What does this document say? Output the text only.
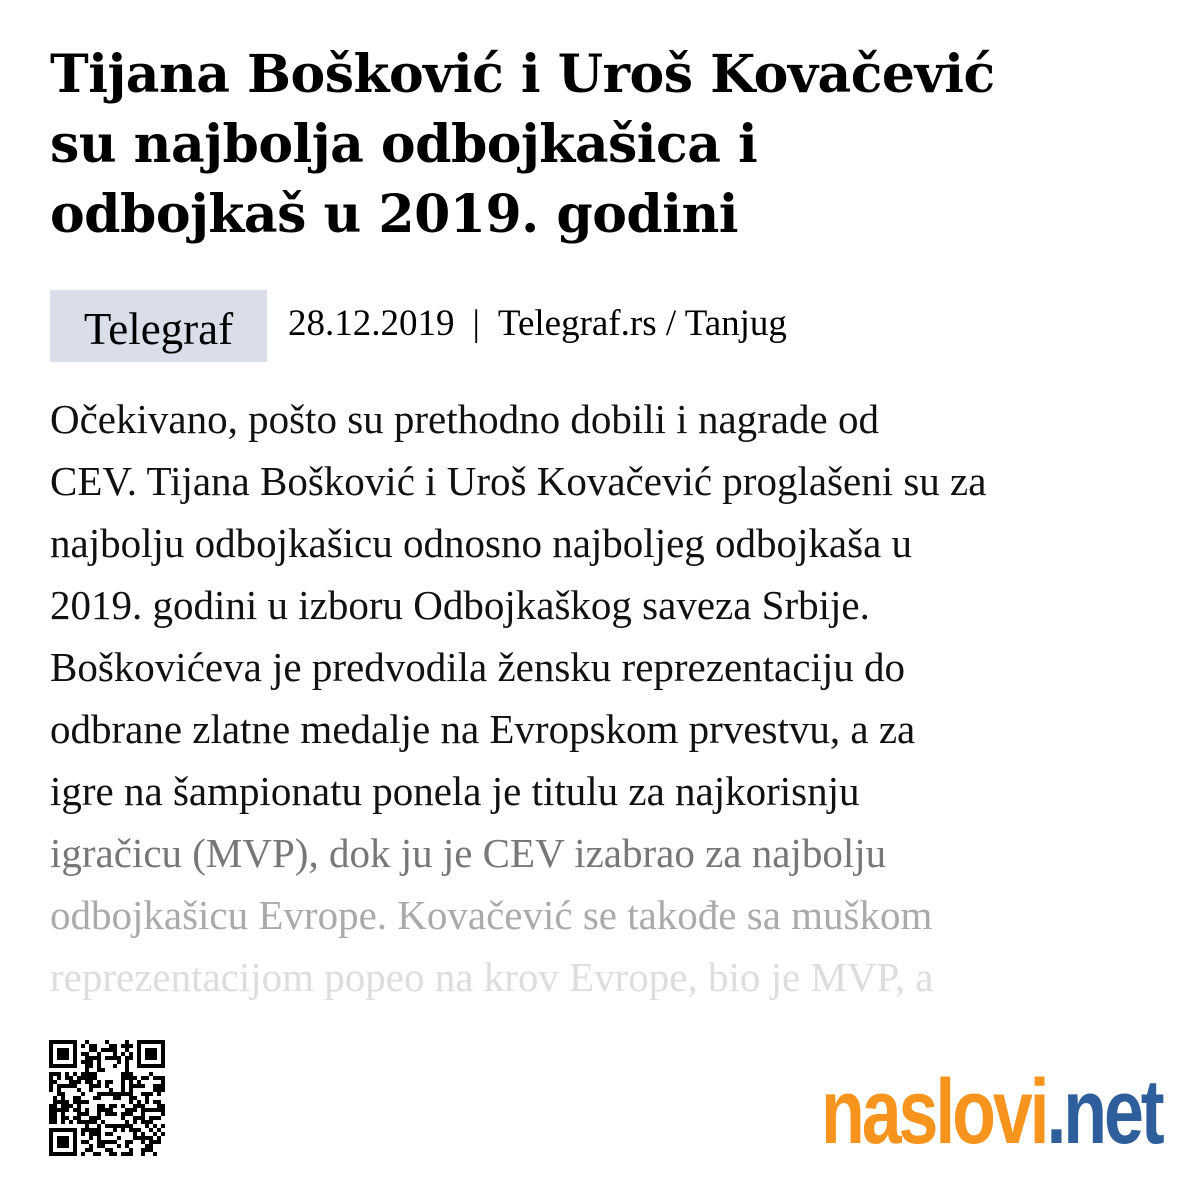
Tijana Bošković i Uroš Kovačević
su najbolja odbojkašica i
odbojkaš u 2019. godini
Telegraf	28.12.2019 | Telegraf.rs / Tanjug
Očekivano, pošto su prethodno dobili i nagrade od
CEV. Tijana Bošković i Uroš Kovačević proglašeni su za
najbolju odbojkašicu odnosno najboljeg odbojkaša u
2019. godini u izboru Odbojkaškog saveza Srbije.
Boškovićeva je predvodila žensku reprezentaciju do
odbrane zlatne medalje na Evropskom prvestvu, a za
igre na šampionatu ponela je titulu za najkorisnju
igračicu (MVP), dok ju je CEV izabrao za najbolju
odbojkašicu Evrope. Kovačević se takođe sa muškom
reprezentacijom popeo na krov Evrope, bio je MVP, a
naslovi .net
